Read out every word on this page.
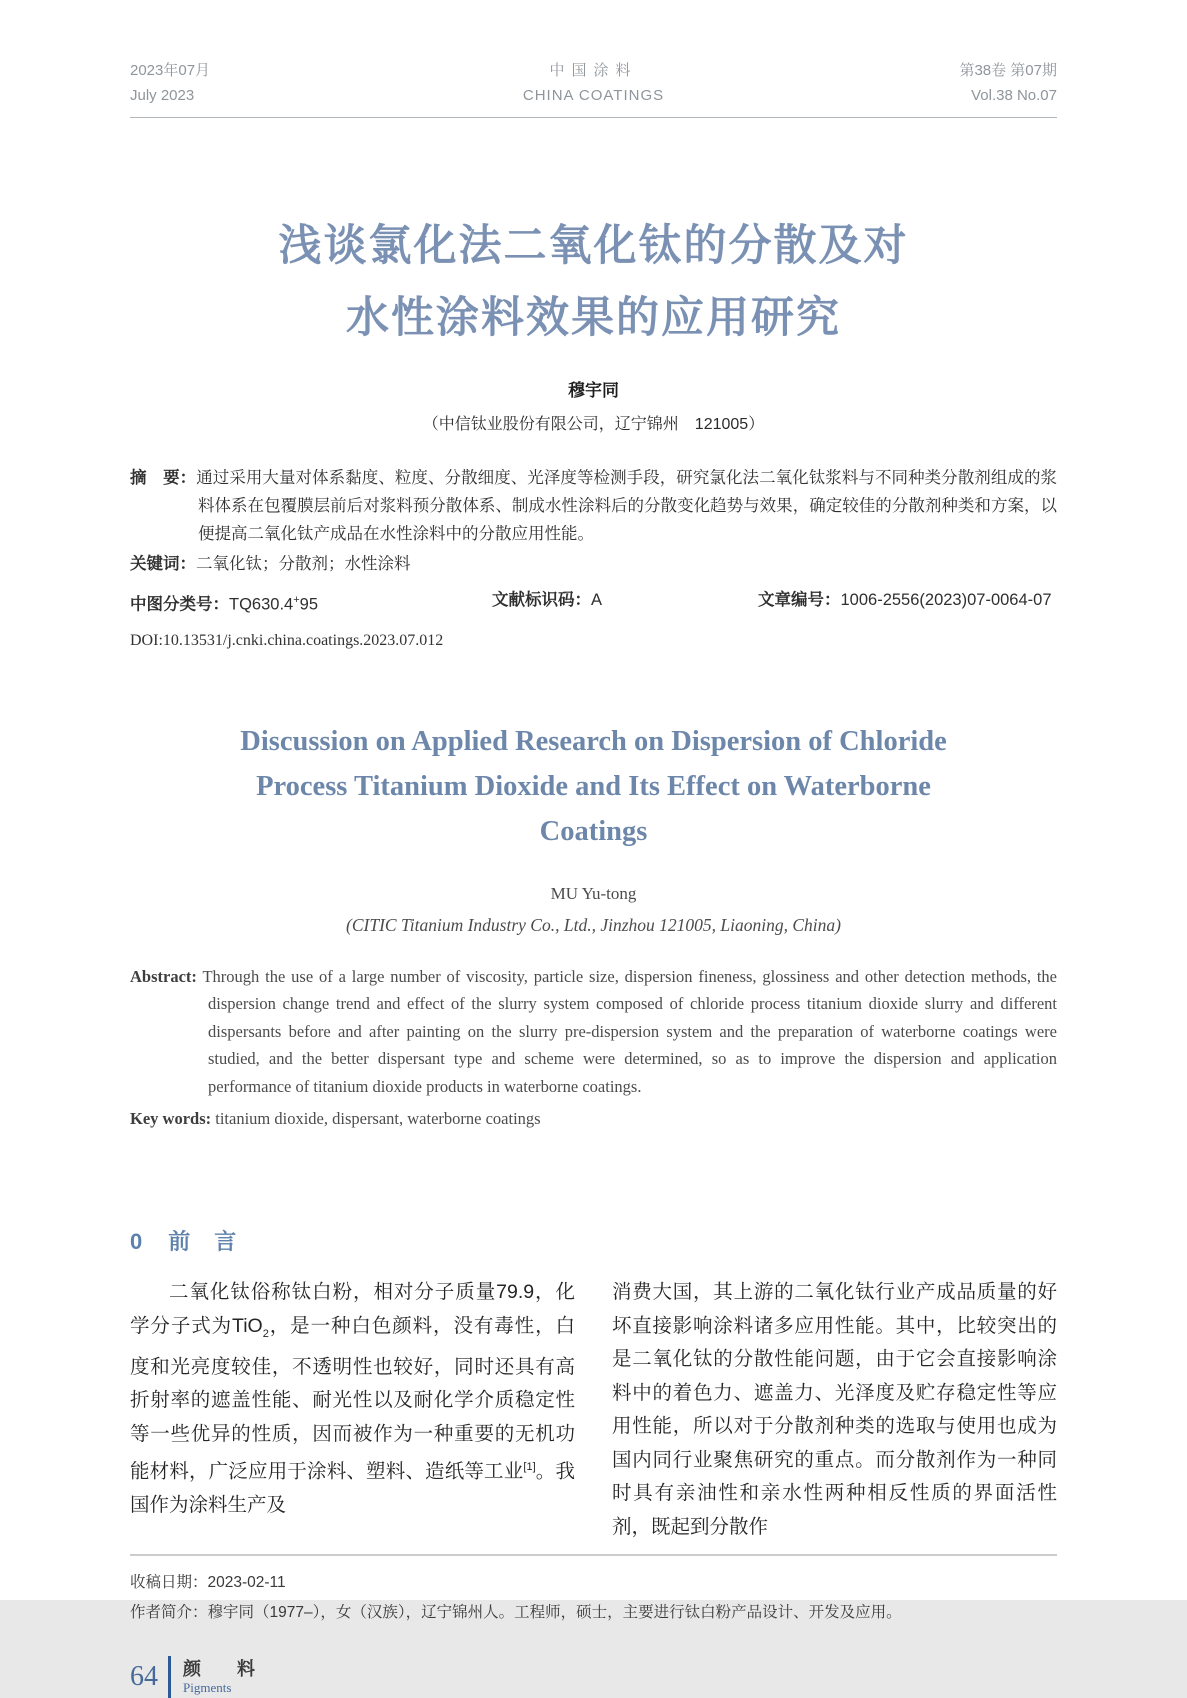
2023年07月
July 2023
中国涂料
CHINA COATINGS
第38卷 第07期
Vol.38 No.07
浅谈氯化法二氧化钛的分散及对
水性涂料效果的应用研究
穆宇同
（中信钛业股份有限公司，辽宁锦州　121005）

摘　要：通过采用大量对体系黏度、粒度、分散细度、光泽度等检测手段，研究氯化法二氧化钛浆料与不同种类分散剂组成的浆料体系在包覆膜层前后对浆料预分散体系、制成水性涂料后的分散变化趋势与效果，确定较佳的分散剂种类和方案，以便提高二氧化钛产成品在水性涂料中的分散应用性能。

关键词：二氧化钛；分散剂；水性涂料

中图分类号：TQ630.4+95	文献标识码：A	文章编号：1006-2556(2023)07-0064-07
DOI:10.13531/j.cnki.china.coatings.2023.07.012
Discussion on Applied Research on Dispersion of Chloride
Process Titanium Dioxide and Its Effect on Waterborne
Coatings
MU Yu-tong
(CITIC Titanium Industry Co., Ltd., Jinzhou 121005, Liaoning, China)

Abstract: Through the use of a large number of viscosity, particle size, dispersion fineness, glossiness and other detection methods, the dispersion change trend and effect of the slurry system composed of chloride process titanium dioxide slurry and different dispersants before and after painting on the slurry pre-dispersion system and the preparation of waterborne coatings were studied, and the better dispersant type and scheme were determined, so as to improve the dispersion and application performance of titanium dioxide products in waterborne coatings.

Key words: titanium dioxide, dispersant, waterborne coatings

0 前言

二氧化钛俗称钛白粉，相对分子质量79.9，化学分子式为TiO$_2$，是一种白色颜料，没有毒性，白度和光亮度较佳，不透明性也较好，同时还具有高折射率的遮盖性能、耐光性以及耐化学介质稳定性等一些优异的性质，因而被作为一种重要的无机功能材料，广泛应用于涂料、塑料、造纸等工业[1]。我国作为涂料生产及

消费大国，其上游的二氧化钛行业产成品质量的好坏直接影响涂料诸多应用性能。其中，比较突出的是二氧化钛的分散性能问题，由于它会直接影响涂料中的着色力、遮盖力、光泽度及贮存稳定性等应用性能，所以对于分散剂种类的选取与使用也成为国内同行业聚焦研究的重点。而分散剂作为一种同时具有亲油性和亲水性两种相反性质的界面活性剂，既起到分散作

收稿日期：2023-02-11
作者简介：穆宇同（1977–），女（汉族），辽宁锦州人。工程师，硕士，主要进行钛白粉产品设计、开发及应用。
64 颜　料
Pigments
